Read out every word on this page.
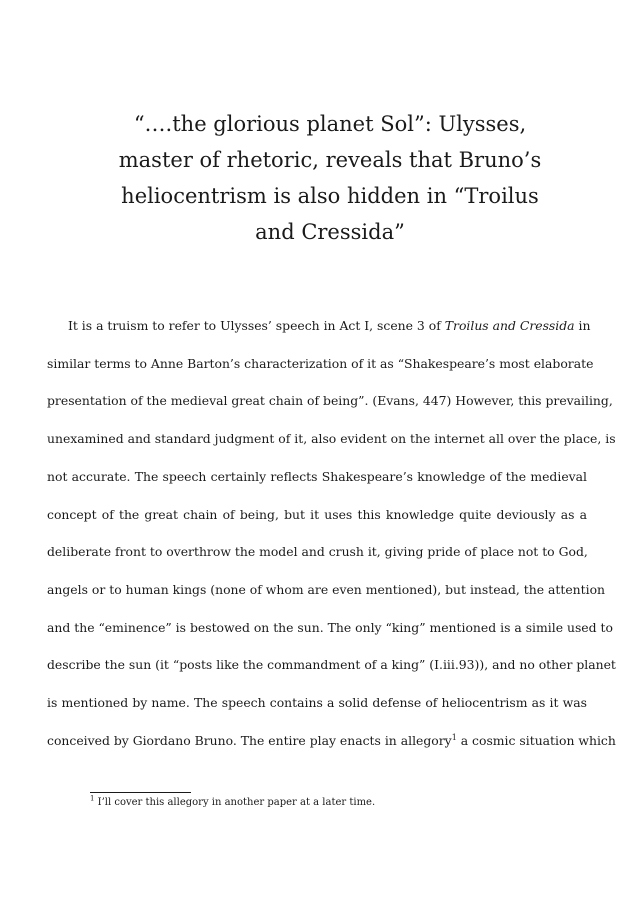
“….the glorious planet Sol”: Ulysses,
master of rhetoric, reveals that Bruno’s
heliocentrism is also hidden in “Troilus
and Cressida”
It is a truism to refer to Ulysses’ speech in Act I, scene 3 of Troilus and Cressida in
similar terms to Anne Barton’s characterization of it as “Shakespeare’s most elaborate
presentation of the medieval great chain of being”. (Evans, 447) However, this prevailing,
unexamined and standard judgment of it, also evident on the internet all over the place, is
not accurate. The speech certainly reflects Shakespeare’s knowledge of the medieval
concept of the great chain of being, but it uses this knowledge quite deviously as a
deliberate front to overthrow the model and crush it, giving pride of place not to God,
angels or to human kings (none of whom are even mentioned), but instead, the attention
and the “eminence” is bestowed on the sun. The only “king” mentioned is a simile used to
describe the sun (it “posts like the commandment of a king” (I.iii.93)), and no other planet
is mentioned by name. The speech contains a solid defense of heliocentrism as it was
conceived by Giordano Bruno. The entire play enacts in allegory$^1$ a cosmic situation which
$^1$ I’ll cover this allegory in another paper at a later time.
